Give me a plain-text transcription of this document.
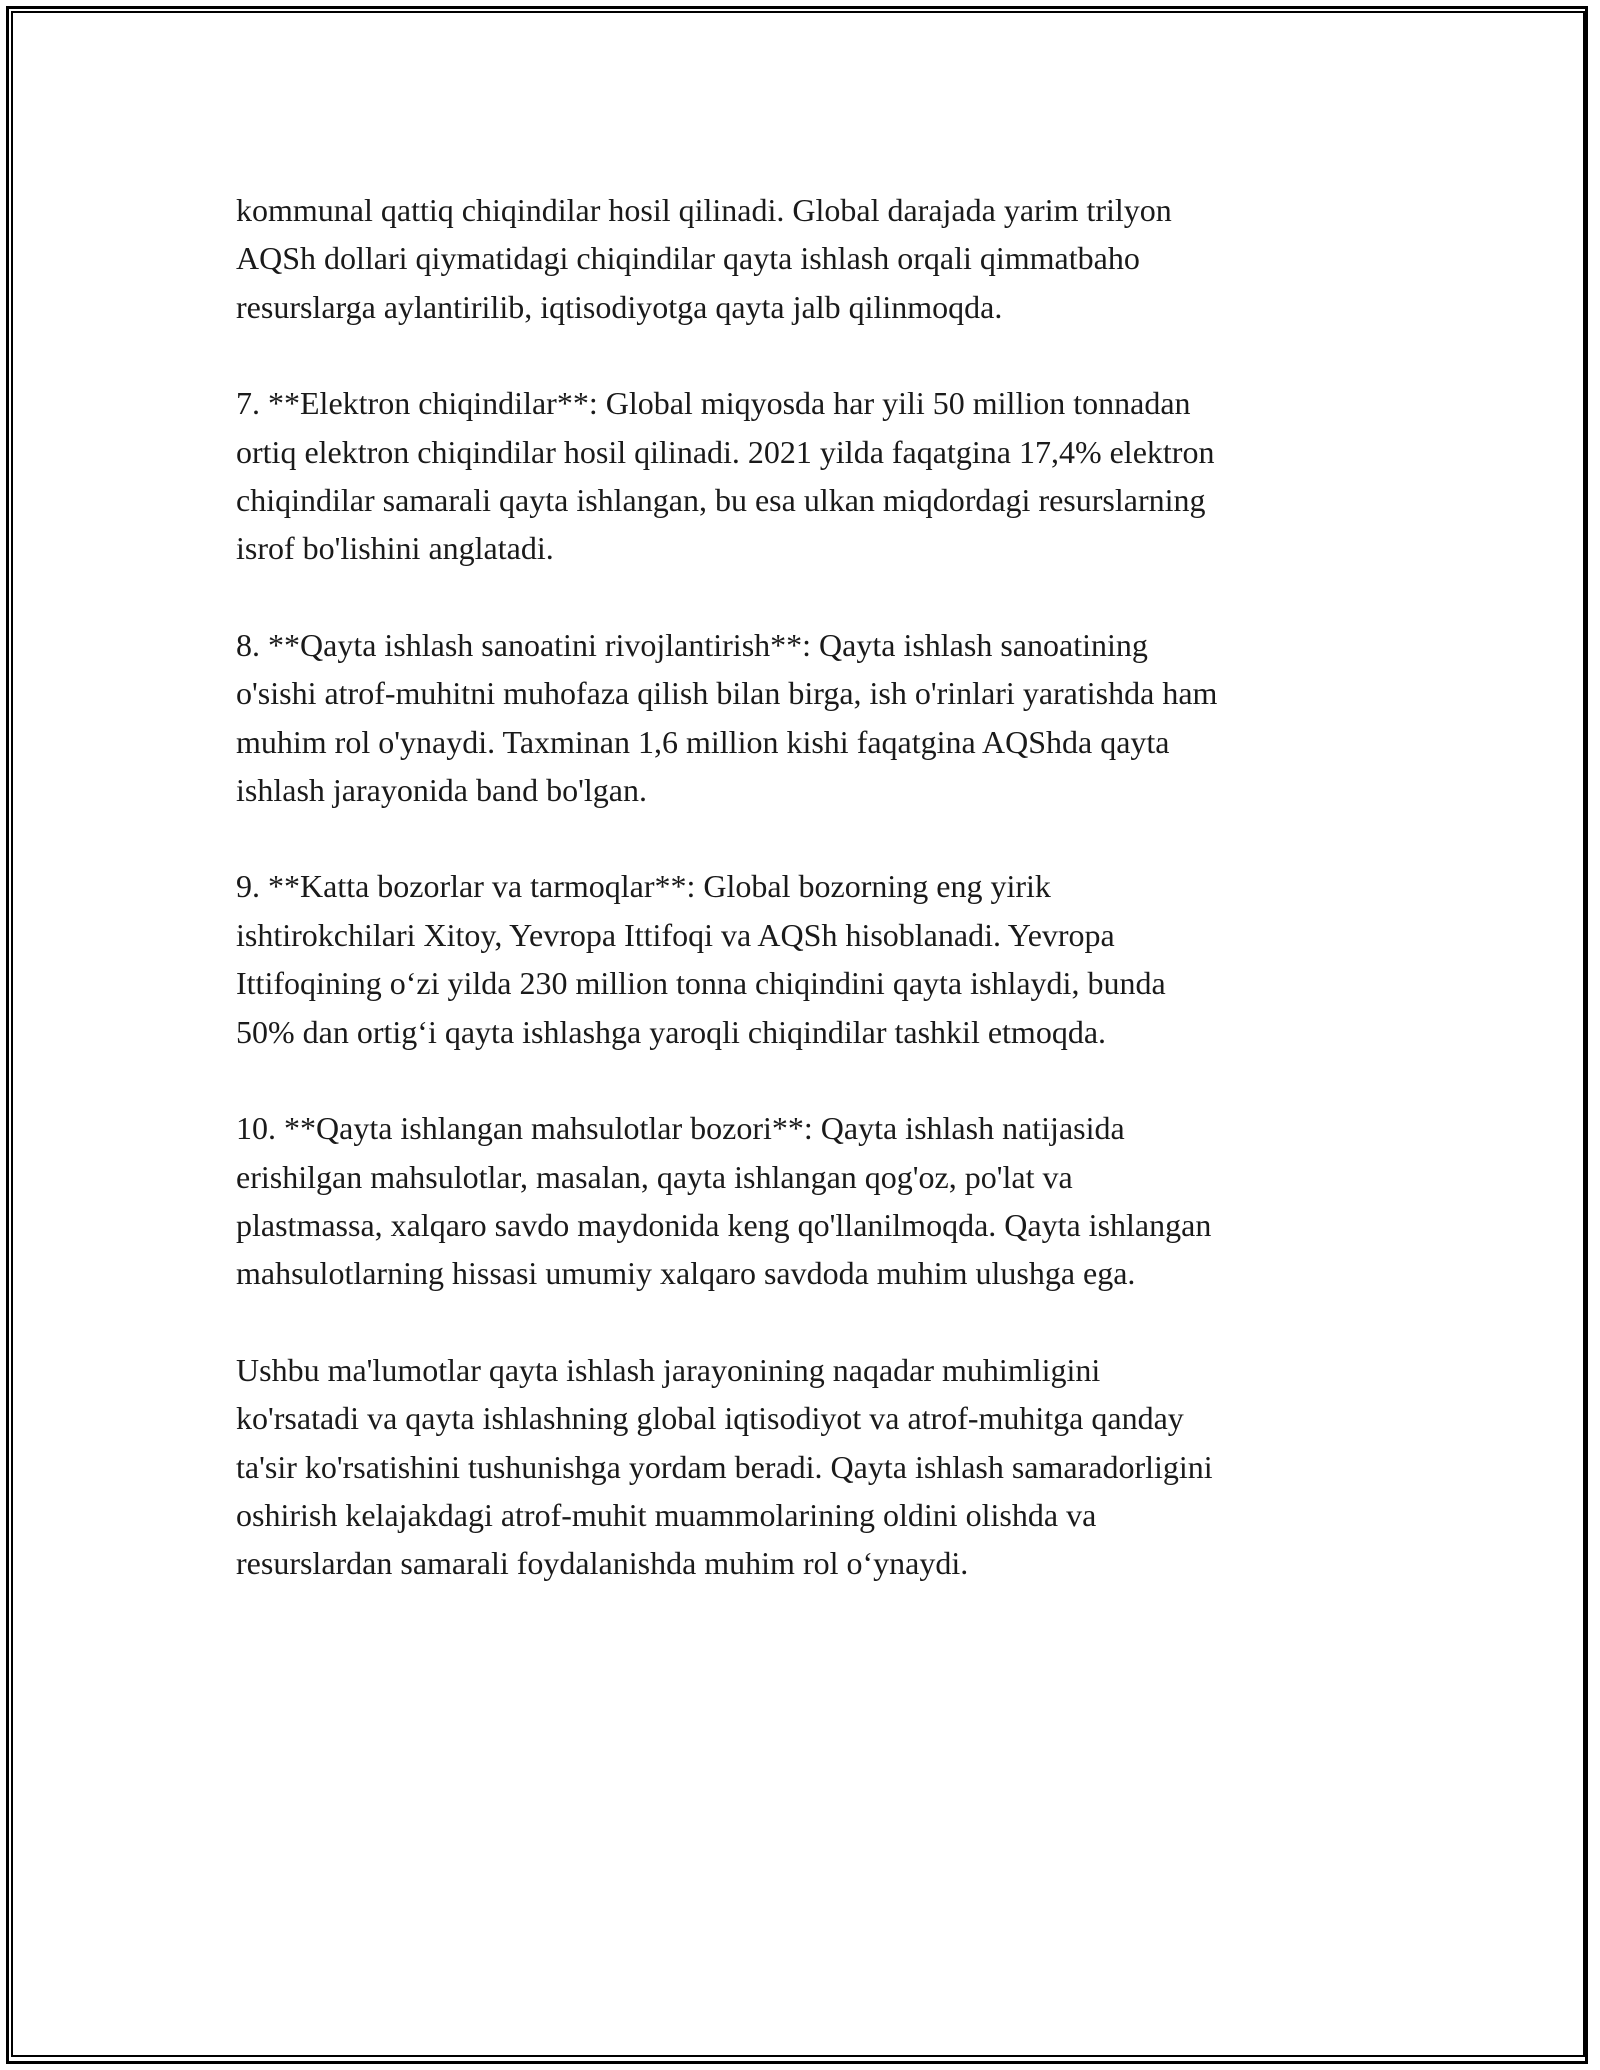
kommunal qattiq chiqindilar hosil qilinadi. Global darajada yarim trilyon
AQSh dollari qiymatidagi chiqindilar qayta ishlash orqali qimmatbaho
resurslarga aylantirilib, iqtisodiyotga qayta jalb qilinmoqda.

7. **Elektron chiqindilar**: Global miqyosda har yili 50 million tonnadan
ortiq elektron chiqindilar hosil qilinadi. 2021 yilda faqatgina 17,4% elektron
chiqindilar samarali qayta ishlangan, bu esa ulkan miqdordagi resurslarning
isrof bo'lishini anglatadi.

8. **Qayta ishlash sanoatini rivojlantirish**: Qayta ishlash sanoatining
o'sishi atrof-muhitni muhofaza qilish bilan birga, ish o'rinlari yaratishda ham
muhim rol o'ynaydi. Taxminan 1,6 million kishi faqatgina AQShda qayta
ishlash jarayonida band bo'lgan.

9. **Katta bozorlar va tarmoqlar**: Global bozorning eng yirik
ishtirokchilari Xitoy, Yevropa Ittifoqi va AQSh hisoblanadi. Yevropa
Ittifoqining o‘zi yilda 230 million tonna chiqindini qayta ishlaydi, bunda
50% dan ortig‘i qayta ishlashga yaroqli chiqindilar tashkil etmoqda.

10. **Qayta ishlangan mahsulotlar bozori**: Qayta ishlash natijasida
erishilgan mahsulotlar, masalan, qayta ishlangan qog'oz, po'lat va
plastmassa, xalqaro savdo maydonida keng qo'llanilmoqda. Qayta ishlangan
mahsulotlarning hissasi umumiy xalqaro savdoda muhim ulushga ega.

Ushbu ma'lumotlar qayta ishlash jarayonining naqadar muhimligini
ko'rsatadi va qayta ishlashning global iqtisodiyot va atrof-muhitga qanday
ta'sir ko'rsatishini tushunishga yordam beradi. Qayta ishlash samaradorligini
oshirish kelajakdagi atrof-muhit muammolarining oldini olishda va
resurslardan samarali foydalanishda muhim rol o‘ynaydi.
